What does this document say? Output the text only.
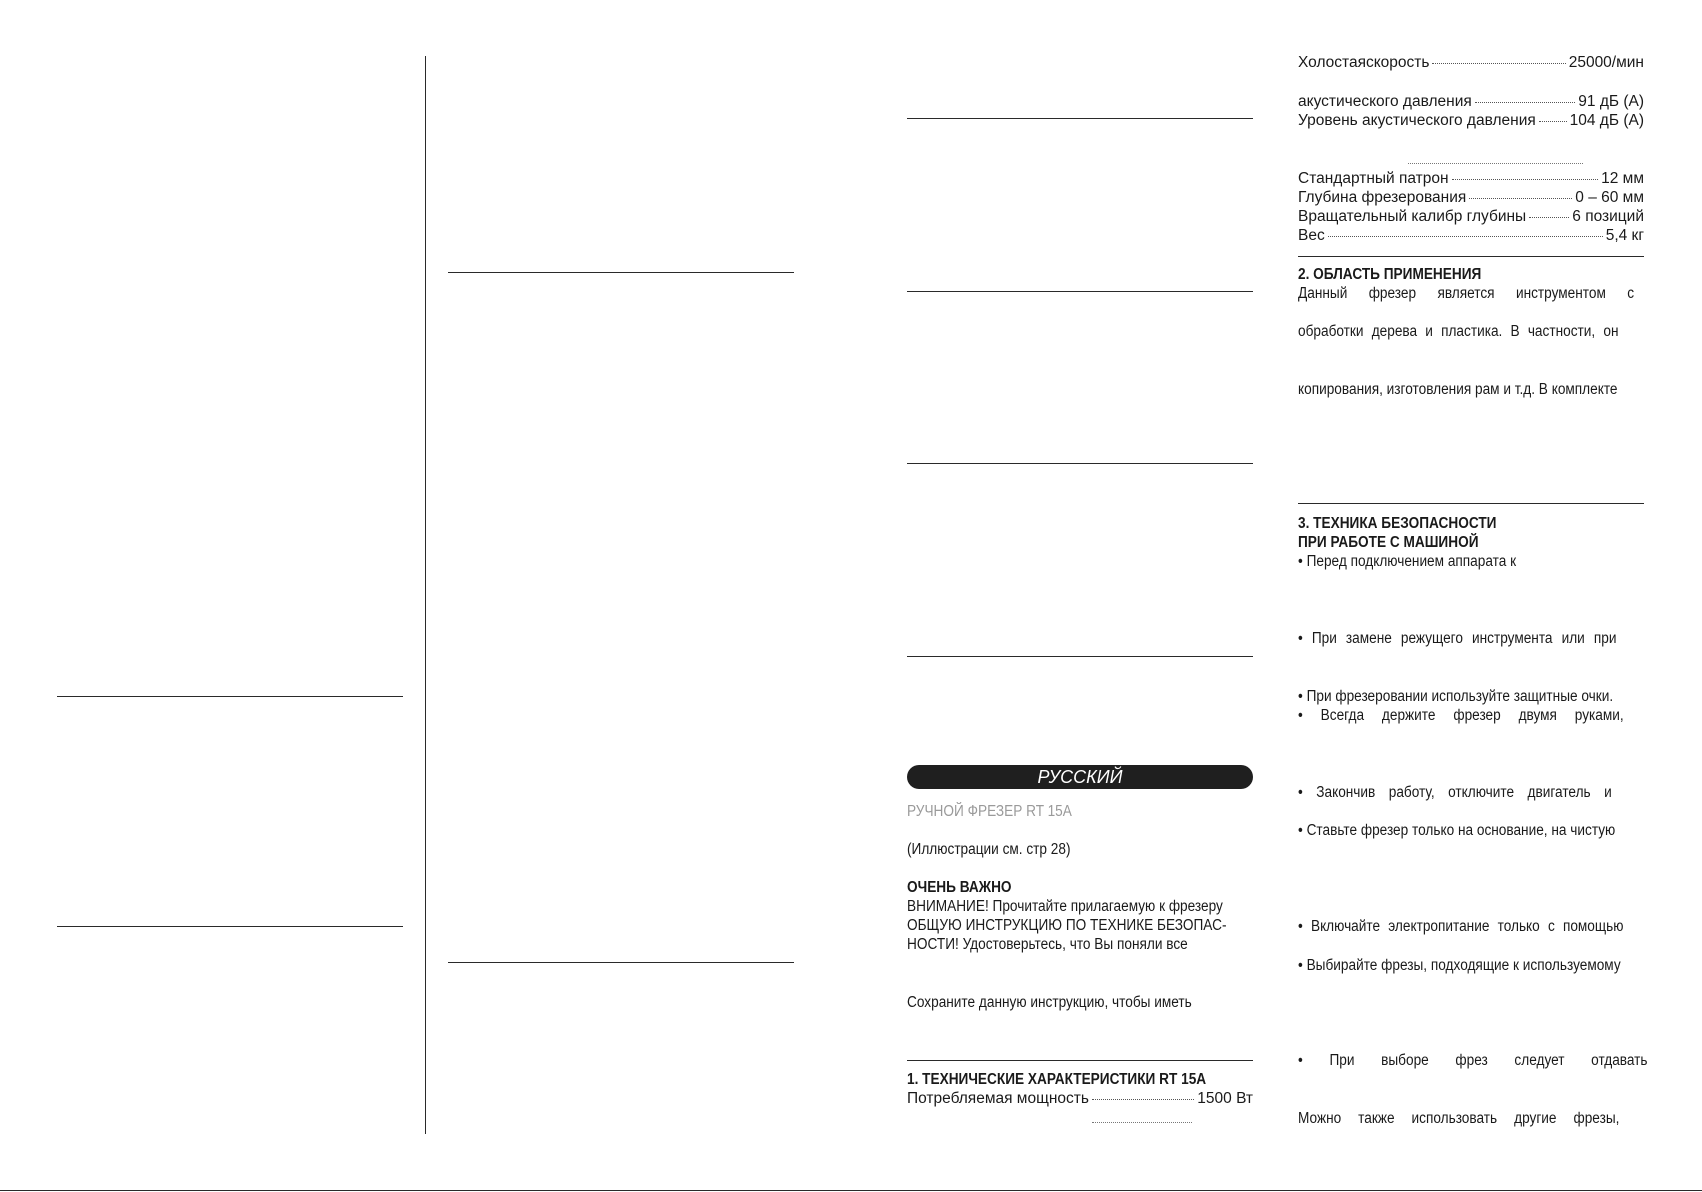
РУССКИЙ
РУЧНОЙ ФРЕЗЕР RT 15A
(Иллюстрации см. стр 28)
ОЧЕНЬ ВАЖНО
ВНИМАНИЕ! Прочитайте прилагаемую к фрезеру
ОБЩУЮ ИНСТРУКЦИЮ ПО ТЕХНИКЕ БЕЗОПАС-
НОСТИ! Удостоверьтесь, что Вы поняли все
Сохраните данную инструкцию, чтобы иметь
1. ТЕХНИЧЕСКИЕ ХАРАКТЕРИСТИКИ RT 15A
Потребляемая мощность	1500 Вт
Холостаяскорость	25000/мин
акустического давления	91 дБ (А)
Уровень акустического давления 104 дБ (А)
Стандартный патрон	12 мм
Глубина фрезерования	0 – 60 мм
Вращательный калибр глубины	6 позиций
Вес	5,4 кг
2. ОБЛАСТЬ ПРИМЕНЕНИЯ
Данный фрезер является инструментом с
обработки дерева и пластика. В частности, он
копирования, изготовления рам и т.д. В комплекте
3. ТЕХНИКА БЕЗОПАСНОСТИ
ПРИ РАБОТЕ С МАШИНОЙ
• Перед подключением аппарата к
• При замене режущего инструмента или при
• При фрезеровании используйте защитные очки.
• Всегда держите фрезер двумя руками,
• Закончив работу, отключите двигатель и
• Ставьте фрезер только на основание, на чистую
• Включайте электропитание только с помощью
• Выбирайте фрезы, подходящие к используемому
• При выборе фрез следует отдавать
Можно также использовать другие фрезы,
